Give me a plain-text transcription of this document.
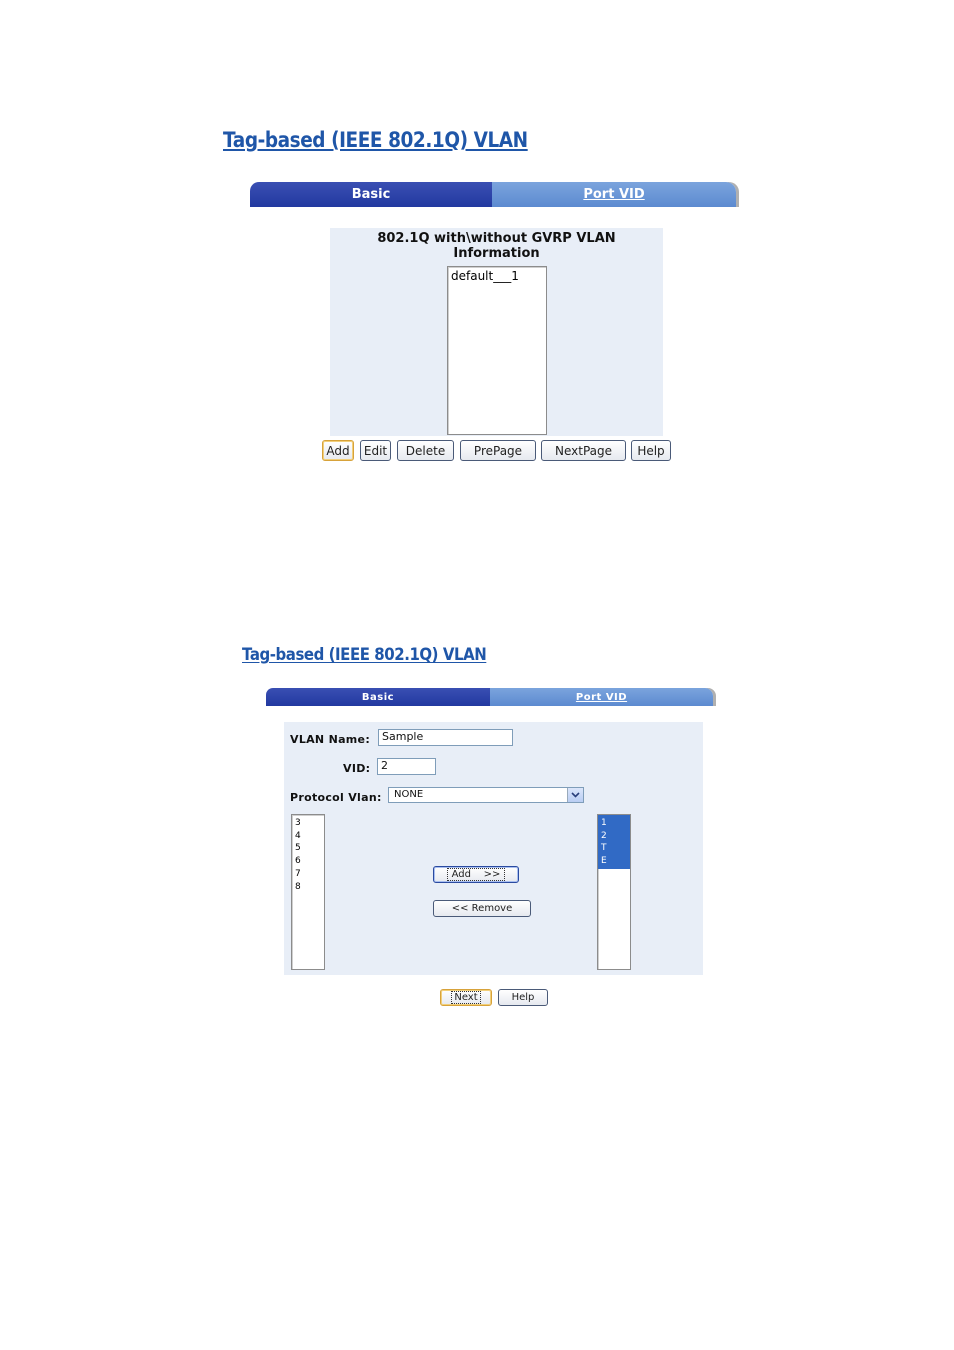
Tag-based (IEEE 802.1Q) VLAN
Basic	Port VID
802.1Q with\without GVRP VLAN
Information
default___1
Add	Edit	Delete	PrePage	NextPage	Help
Tag-based (IEEE 802.1Q) VLAN
Basic	Port VID
VLAN Name:	Sample
VID: 2
Protocol Vlan:	NONE
3
4
5
6
7
8
Add    >>
<< Remove
1
2
T
E
Next	Help
